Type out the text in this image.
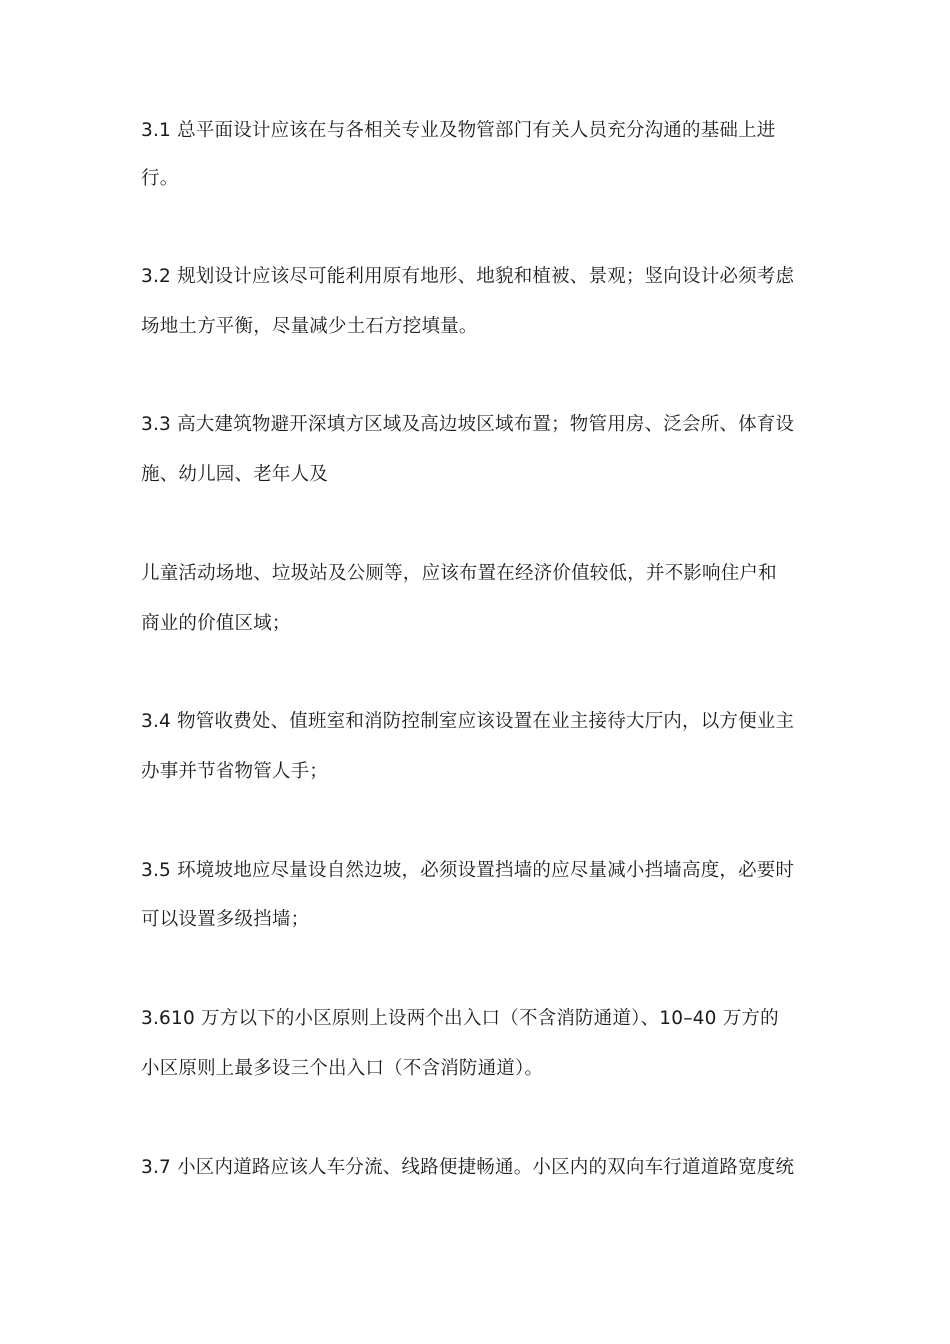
3.1 总平面设计应该在与各相关专业及物管部门有关人员充分沟通的基础上进
行。
3.2 规划设计应该尽可能利用原有地形、地貌和植被、景观；竖向设计必须考虑
场地土方平衡，尽量减少土石方挖填量。
3.3 高大建筑物避开深填方区域及高边坡区域布置；物管用房、泛会所、体育设
施、幼儿园、老年人及
儿童活动场地、垃圾站及公厕等，应该布置在经济价值较低，并不影响住户和
商业的价值区域；
3.4 物管收费处、值班室和消防控制室应该设置在业主接待大厅内，以方便业主
办事并节省物管人手；
3.5 环境坡地应尽量设自然边坡，必须设置挡墙的应尽量减小挡墙高度，必要时
可以设置多级挡墙；
3.610 万方以下的小区原则上设两个出入口（不含消防通道）、10–40 万方的
小区原则上最多设三个出入口（不含消防通道）。
3.7 小区内道路应该人车分流、线路便捷畅通。小区内的双向车行道道路宽度统
